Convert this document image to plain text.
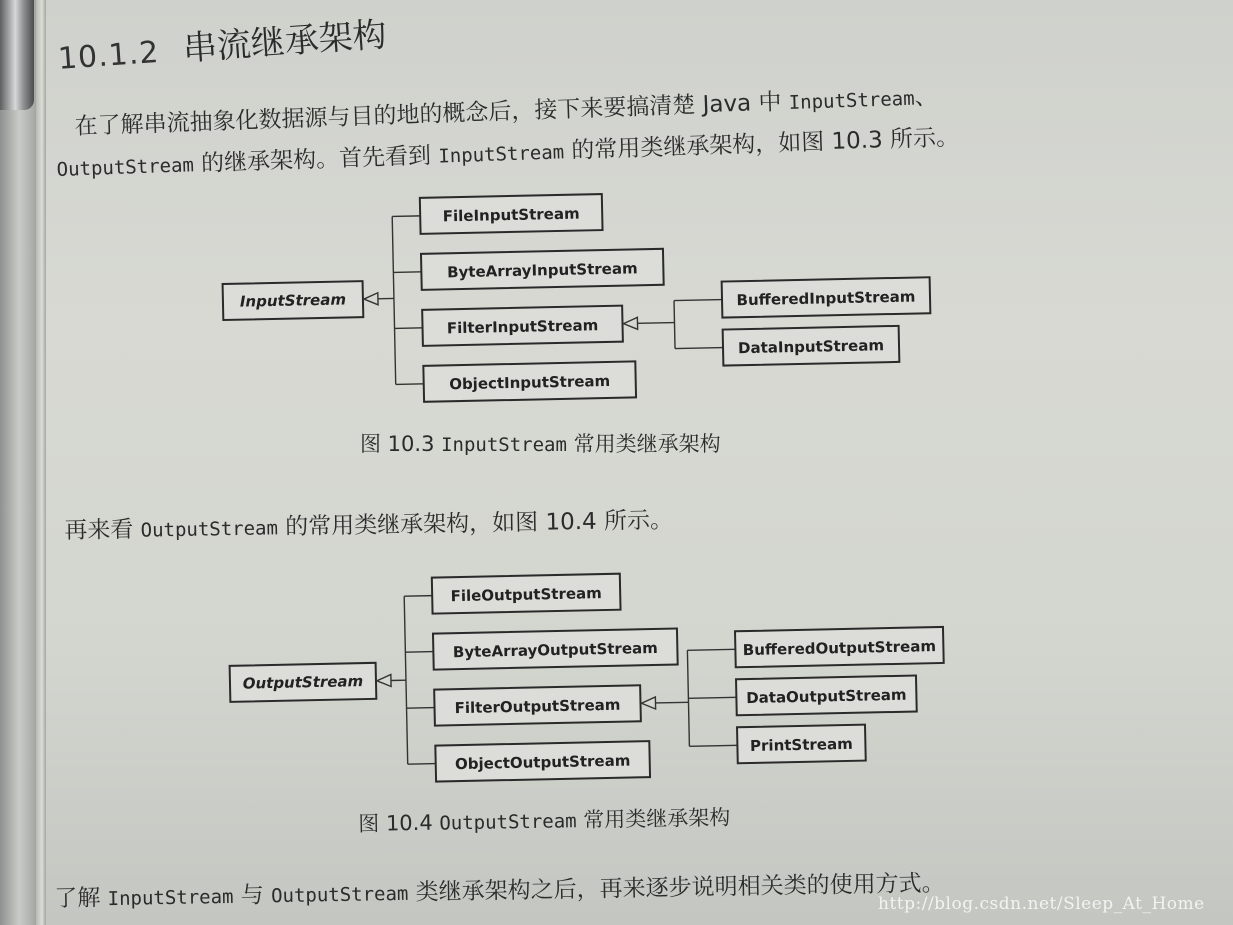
10.1.2 串流继承架构
在了解串流抽象化数据源与目的地的概念后，接下来要搞清楚 Java 中 InputStream、
OutputStream 的继承架构。首先看到 InputStream 的常用类继承架构，如图 10.3 所示。
InputStream
FileInputStream
ByteArrayInputStream
FilterInputStream
ObjectInputStream
BufferedInputStream
DataInputStream
图 10.3 InputStream 常用类继承架构
再来看 OutputStream 的常用类继承架构，如图 10.4 所示。
OutputStream
FileOutputStream
ByteArrayOutputStream
FilterOutputStream
ObjectOutputStream
BufferedOutputStream
DataOutputStream
PrintStream
图 10.4 OutputStream 常用类继承架构
了解 InputStream 与 OutputStream 类继承架构之后，再来逐步说明相关类的使用方式。
http://blog.csdn.net/Sleep_At_Home
